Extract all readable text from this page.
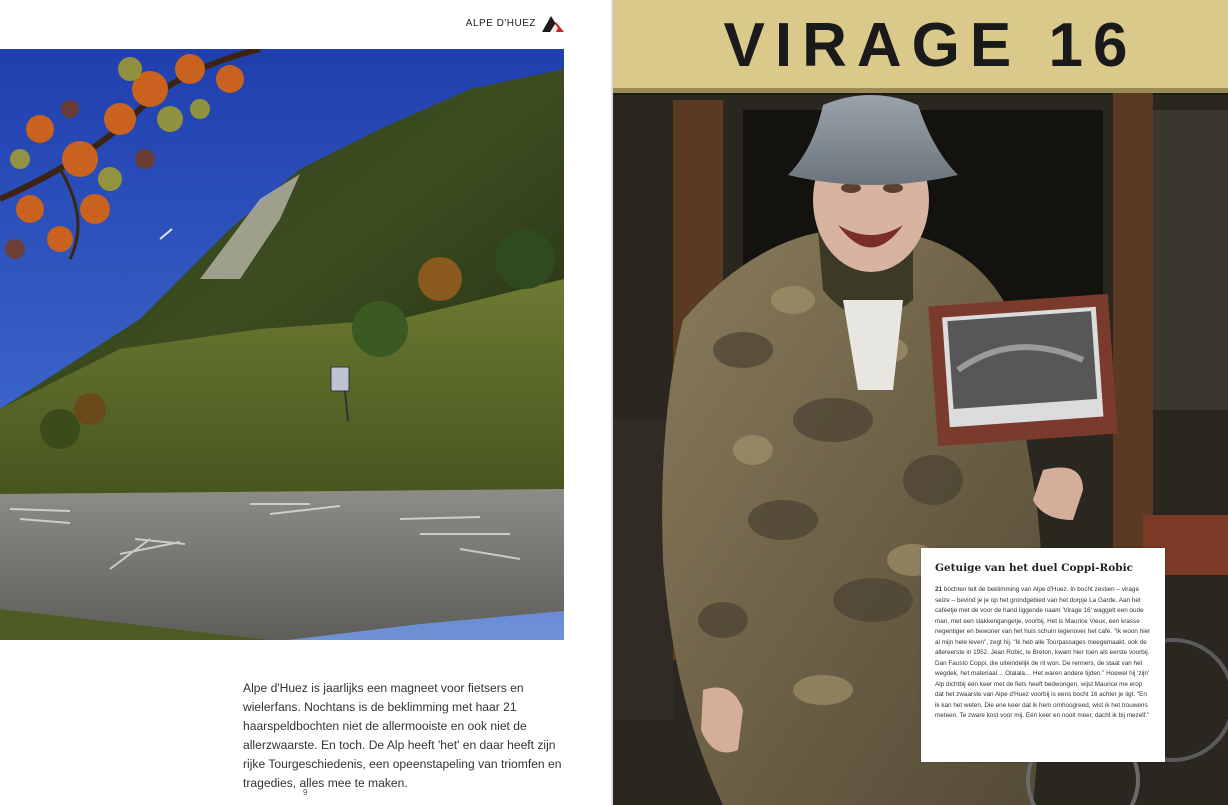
ALPE D'HUEZ

Alpe d'Huez is jaarlijks een magneet voor fietsers en wielerfans. Nochtans is de beklimming met haar 21 haarspeldbochten niet de allermooiste en ook niet de allerzwaarste. En toch. De Alp heeft 'het' en daar heeft zijn rijke Tourgeschiedenis, een opeenstapeling van triomfen en tragedies, alles mee te maken.

9
VIRAGE 16
Getuige van het duel Coppi-Robic

21 bochten telt de beklimming van Alpe d'Huez. In bocht zestien – virage seize – bevind je je op het grondgebied van het dorpje La Garde. Aan het caféetje met de voor de hand liggende naam 'Virage 16' waggelt een oude man, met een slakkengangetje, voorbij. Het is Maurice Vieux, een krasse negentiger en bewoner van het huis schuin tegenover het café. "Ik woon hier al mijn hele leven", zegt hij. "Ik heb alle Tourpassages meegemaakt, ook de allereerste in 1952. Jean Robic, le Breton, kwam hier toen als eerste voorbij. Dan Fausto Coppi, die uiteindelijk de rit won. De renners, de staat van het wegdek, het materiaal… Olalala… Het waren andere tijden." Hoewel hij 'zijn' Alp dichtbij één keer met de fiets heeft bedwongen, wijst Maurice me erop dat het zwaarste van Alpe d'Huez voorbij is eens bocht 16 achter je ligt. "En ik kan het weten. Die ene keer dat ik hem omhoogreed, wist ik het trouwens meteen. Te zware kost voor mij. Eén keer en nooit meer, dacht ik bij mezelf."
